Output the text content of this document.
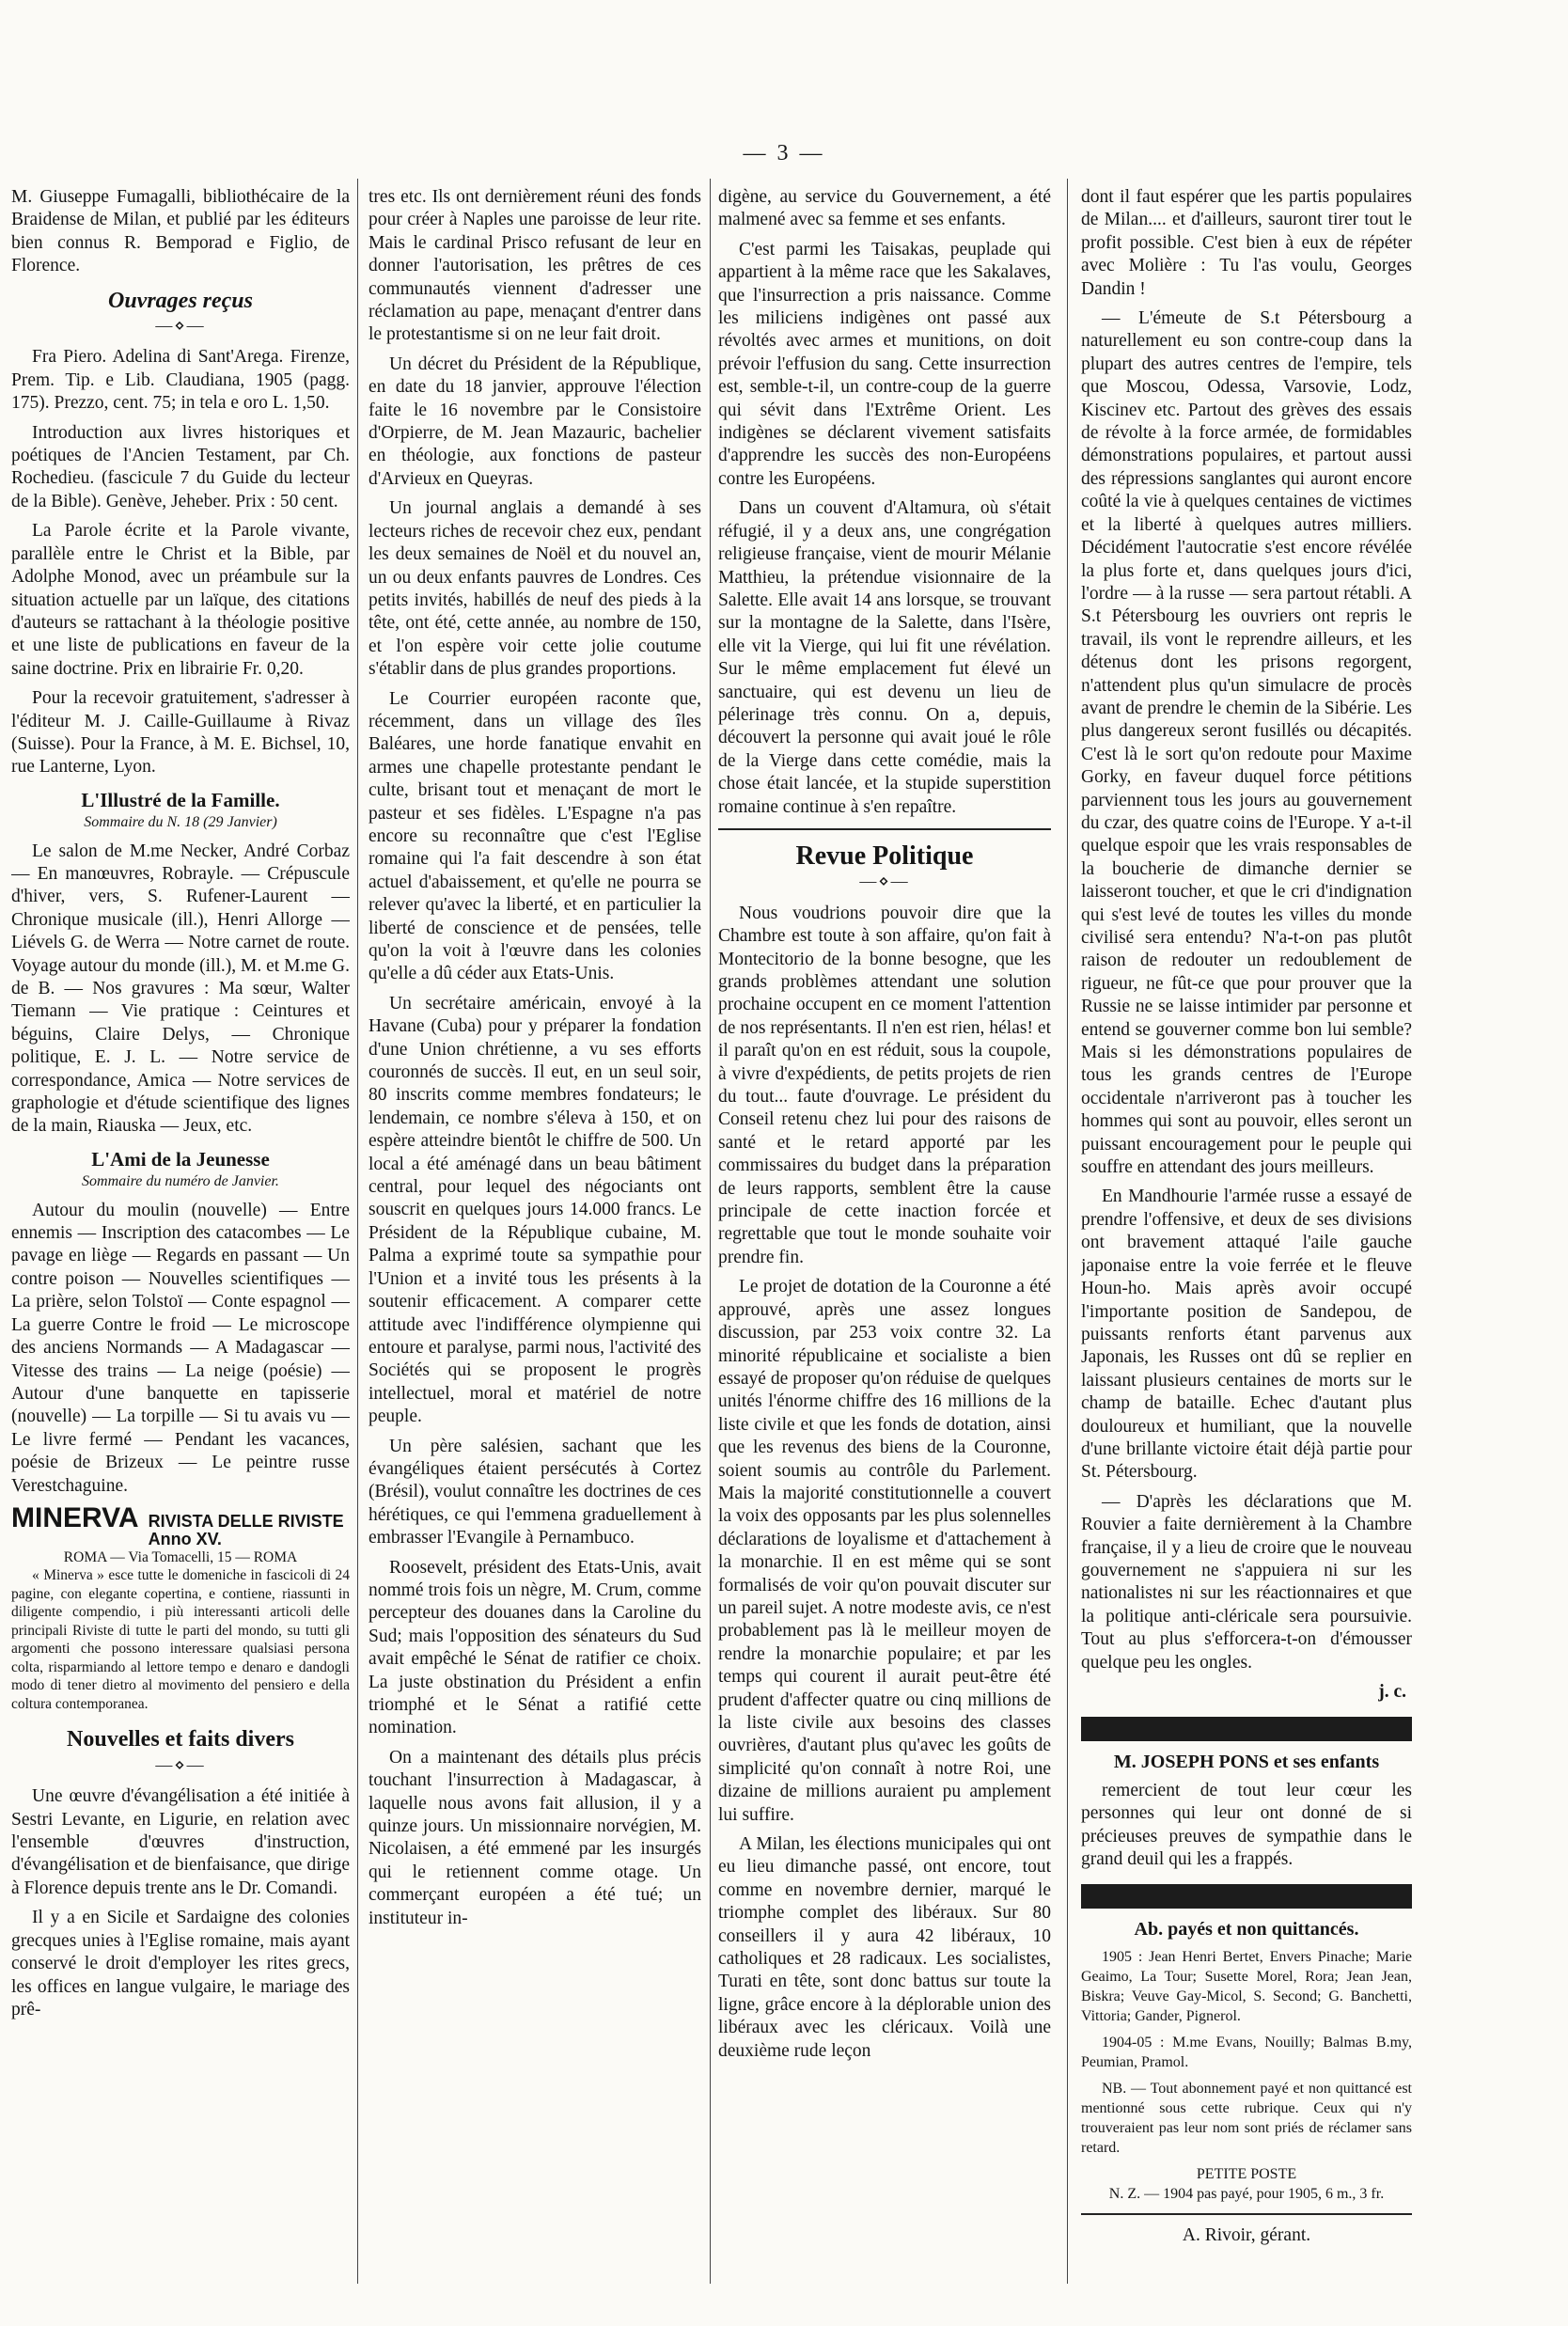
— 3 —

M. Giuseppe Fumagalli, bibliothécaire de la Braidense de Milan, et publié par les éditeurs bien connus R. Bemporad e Figlio, de Florence.

Ouvrages reçus
—⋄—

Fra Piero. Adelina di Sant'Arega. Firenze, Prem. Tip. e Lib. Claudiana, 1905 (pagg. 175). Prezzo, cent. 75; in tela e oro L. 1,50.

Introduction aux livres historiques et poétiques de l'Ancien Testament, par Ch. Rochedieu. (fascicule 7 du Guide du lecteur de la Bible). Genève, Jeheber. Prix : 50 cent.

La Parole écrite et la Parole vivante, parallèle entre le Christ et la Bible, par Adolphe Monod, avec un préambule sur la situation actuelle par un laïque, des citations d'auteurs se rattachant à la théologie positive et une liste de publications en faveur de la saine doctrine. Prix en librairie Fr. 0,20.

Pour la recevoir gratuitement, s'adresser à l'éditeur M. J. Caille-Guillaume à Rivaz (Suisse). Pour la France, à M. E. Bichsel, 10, rue Lanterne, Lyon.

L'Illustré de la Famille.
Sommaire du N. 18 (29 Janvier)

Le salon de M.me Necker, André Corbaz — En manœuvres, Robrayle. — Crépuscule d'hiver, vers, S. Rufener-Laurent — Chronique musicale (ill.), Henri Allorge — Liévels G. de Werra — Notre carnet de route. Voyage autour du monde (ill.), M. et M.me G. de B. — Nos gravures : Ma sœur, Walter Tiemann — Vie pratique : Ceintures et béguins, Claire Delys, — Chronique politique, E. J. L. — Notre service de correspondance, Amica — Notre services de graphologie et d'étude scientifique des lignes de la main, Riauska — Jeux, etc.

L'Ami de la Jeunesse
Sommaire du numéro de Janvier.

Autour du moulin (nouvelle) — Entre ennemis — Inscription des catacombes — Le pavage en liège — Regards en passant — Un contre poison — Nouvelles scientifiques — La prière, selon Tolstoï — Conte espagnol — La guerre Contre le froid — Le microscope des anciens Normands — A Madagascar — Vitesse des trains — La neige (poésie) — Autour d'une banquette en tapisserie (nouvelle) — La torpille — Si tu avais vu — Le livre fermé — Pendant les vacances, poésie de Brizeux — Le peintre russe Verestchaguine.

MINERVA RIVISTA DELLE RIVISTE
Anno XV.
ROMA — Via Tomacelli, 15 — ROMA

« Minerva » esce tutte le domeniche in fascicoli di 24 pagine, con elegante copertina, e contiene, riassunti in diligente compendio, i più interessanti articoli delle principali Riviste di tutte le parti del mondo, su tutti gli argomenti che possono interessare qualsiasi persona colta, risparmiando al lettore tempo e denaro e dandogli modo di tener dietro al movimento del pensiero e della coltura contemporanea.

Nouvelles et faits divers
—⋄—

Une œuvre d'évangélisation a été initiée à Sestri Levante, en Ligurie, en relation avec l'ensemble d'œuvres d'instruction, d'évangélisation et de bienfaisance, que dirige à Florence depuis trente ans le Dr. Comandi.

Il y a en Sicile et Sardaigne des colonies grecques unies à l'Eglise romaine, mais ayant conservé le droit d'employer les rites grecs, les offices en langue vulgaire, le mariage des prê-

tres etc. Ils ont dernièrement réuni des fonds pour créer à Naples une paroisse de leur rite. Mais le cardinal Prisco refusant de leur en donner l'autorisation, les prêtres de ces communautés viennent d'adresser une réclamation au pape, menaçant d'entrer dans le protestantisme si on ne leur fait droit.

Un décret du Président de la République, en date du 18 janvier, approuve l'élection faite le 16 novembre par le Consistoire d'Orpierre, de M. Jean Mazauric, bachelier en théologie, aux fonctions de pasteur d'Arvieux en Queyras.

Un journal anglais a demandé à ses lecteurs riches de recevoir chez eux, pendant les deux semaines de Noël et du nouvel an, un ou deux enfants pauvres de Londres. Ces petits invités, habillés de neuf des pieds à la tête, ont été, cette année, au nombre de 150, et l'on espère voir cette jolie coutume s'établir dans de plus grandes proportions.

Le Courrier européen raconte que, récemment, dans un village des îles Baléares, une horde fanatique envahit en armes une chapelle protestante pendant le culte, brisant tout et menaçant de mort le pasteur et ses fidèles. L'Espagne n'a pas encore su reconnaître que c'est l'Eglise romaine qui l'a fait descendre à son état actuel d'abaissement, et qu'elle ne pourra se relever qu'avec la liberté, et en particulier la liberté de conscience et de pensées, telle qu'on la voit à l'œuvre dans les colonies qu'elle a dû céder aux Etats-Unis.

Un secrétaire américain, envoyé à la Havane (Cuba) pour y préparer la fondation d'une Union chrétienne, a vu ses efforts couronnés de succès. Il eut, en un seul soir, 80 inscrits comme membres fondateurs; le lendemain, ce nombre s'éleva à 150, et on espère atteindre bientôt le chiffre de 500. Un local a été aménagé dans un beau bâtiment central, pour lequel des négociants ont souscrit en quelques jours 14.000 francs. Le Président de la République cubaine, M. Palma a exprimé toute sa sympathie pour l'Union et a invité tous les présents à la soutenir efficacement. A comparer cette attitude avec l'indifférence olympienne qui entoure et paralyse, parmi nous, l'activité des Sociétés qui se proposent le progrès intellectuel, moral et matériel de notre peuple.

Un père salésien, sachant que les évangéliques étaient persécutés à Cortez (Brésil), voulut connaître les doctrines de ces hérétiques, ce qui l'emmena graduellement à embrasser l'Evangile à Pernambuco.

Roosevelt, président des Etats-Unis, avait nommé trois fois un nègre, M. Crum, comme percepteur des douanes dans la Caroline du Sud; mais l'opposition des sénateurs du Sud avait empêché le Sénat de ratifier ce choix. La juste obstination du Président a enfin triomphé et le Sénat a ratifié cette nomination.

On a maintenant des détails plus précis touchant l'insurrection à Madagascar, à laquelle nous avons fait allusion, il y a quinze jours. Un missionnaire norvégien, M. Nicolaisen, a été emmené par les insurgés qui le retiennent comme otage. Un commerçant européen a été tué; un instituteur in-

digène, au service du Gouvernement, a été malmené avec sa femme et ses enfants.

C'est parmi les Taisakas, peuplade qui appartient à la même race que les Sakalaves, que l'insurrection a pris naissance. Comme les miliciens indigènes ont passé aux révoltés avec armes et munitions, on doit prévoir l'effusion du sang. Cette insurrection est, semble-t-il, un contre-coup de la guerre qui sévit dans l'Extrême Orient. Les indigènes se déclarent vivement satisfaits d'apprendre les succès des non-Européens contre les Européens.

Dans un couvent d'Altamura, où s'était réfugié, il y a deux ans, une congrégation religieuse française, vient de mourir Mélanie Matthieu, la prétendue visionnaire de la Salette. Elle avait 14 ans lorsque, se trouvant sur la montagne de la Salette, dans l'Isère, elle vit la Vierge, qui lui fit une révélation. Sur le même emplacement fut élevé un sanctuaire, qui est devenu un lieu de pélerinage très connu. On a, depuis, découvert la personne qui avait joué le rôle de la Vierge dans cette comédie, mais la chose était lancée, et la stupide superstition romaine continue à s'en repaître.

Revue Politique
—⋄—

Nous voudrions pouvoir dire que la Chambre est toute à son affaire, qu'on fait à Montecitorio de la bonne besogne, que les grands problèmes attendant une solution prochaine occupent en ce moment l'attention de nos représentants. Il n'en est rien, hélas! et il paraît qu'on en est réduit, sous la coupole, à vivre d'expédients, de petits projets de rien du tout... faute d'ouvrage. Le président du Conseil retenu chez lui pour des raisons de santé et le retard apporté par les commissaires du budget dans la préparation de leurs rapports, semblent être la cause principale de cette inaction forcée et regrettable que tout le monde souhaite voir prendre fin.

Le projet de dotation de la Couronne a été approuvé, après une assez longues discussion, par 253 voix contre 32. La minorité républicaine et socialiste a bien essayé de proposer qu'on réduise de quelques unités l'énorme chiffre des 16 millions de la liste civile et que les fonds de dotation, ainsi que les revenus des biens de la Couronne, soient soumis au contrôle du Parlement. Mais la majorité constitutionnelle a couvert la voix des opposants par les plus solennelles déclarations de loyalisme et d'attachement à la monarchie. Il en est même qui se sont formalisés de voir qu'on pouvait discuter sur un pareil sujet. A notre modeste avis, ce n'est probablement pas là le meilleur moyen de rendre la monarchie populaire; et par les temps qui courent il aurait peut-être été prudent d'affecter quatre ou cinq millions de la liste civile aux besoins des classes ouvrières, d'autant plus qu'avec les goûts de simplicité qu'on connaît à notre Roi, une dizaine de millions auraient pu amplement lui suffire.

A Milan, les élections municipales qui ont eu lieu dimanche passé, ont encore, tout comme en novembre dernier, marqué le triomphe complet des libéraux. Sur 80 conseillers il y aura 42 libéraux, 10 catholiques et 28 radicaux. Les socialistes, Turati en tête, sont donc battus sur toute la ligne, grâce encore à la déplorable union des libéraux avec les cléricaux. Voilà une deuxième rude leçon

dont il faut espérer que les partis populaires de Milan.... et d'ailleurs, sauront tirer tout le profit possible. C'est bien à eux de répéter avec Molière : Tu l'as voulu, Georges Dandin !

— L'émeute de S.t Pétersbourg a naturellement eu son contre-coup dans la plupart des autres centres de l'empire, tels que Moscou, Odessa, Varsovie, Lodz, Kiscinev etc. Partout des grèves des essais de révolte à la force armée, de formidables démonstrations populaires, et partout aussi des répressions sanglantes qui auront encore coûté la vie à quelques centaines de victimes et la liberté à quelques autres milliers. Décidément l'autocratie s'est encore révélée la plus forte et, dans quelques jours d'ici, l'ordre — à la russe — sera partout rétabli. A S.t Pétersbourg les ouvriers ont repris le travail, ils vont le reprendre ailleurs, et les détenus dont les prisons regorgent, n'attendent plus qu'un simulacre de procès avant de prendre le chemin de la Sibérie. Les plus dangereux seront fusillés ou décapités. C'est là le sort qu'on redoute pour Maxime Gorky, en faveur duquel force pétitions parviennent tous les jours au gouvernement du czar, des quatre coins de l'Europe. Y a-t-il quelque espoir que les vrais responsables de la boucherie de dimanche dernier se laisseront toucher, et que le cri d'indignation qui s'est levé de toutes les villes du monde civilisé sera entendu? N'a-t-on pas plutôt raison de redouter un redoublement de rigueur, ne fût-ce que pour prouver que la Russie ne se laisse intimider par personne et entend se gouverner comme bon lui semble? Mais si les démonstrations populaires de tous les grands centres de l'Europe occidentale n'arriveront pas à toucher les hommes qui sont au pouvoir, elles seront un puissant encouragement pour le peuple qui souffre en attendant des jours meilleurs.

En Mandhourie l'armée russe a essayé de prendre l'offensive, et deux de ses divisions ont bravement attaqué l'aile gauche japonaise entre la voie ferrée et le fleuve Houn-ho. Mais après avoir occupé l'importante position de Sandepou, de puissants renforts étant parvenus aux Japonais, les Russes ont dû se replier en laissant plusieurs centaines de morts sur le champ de bataille. Echec d'autant plus douloureux et humiliant, que la nouvelle d'une brillante victoire était déjà partie pour St. Pétersbourg.

— D'après les déclarations que M. Rouvier a faite dernièrement à la Chambre française, il y a lieu de croire que le nouveau gouvernement ne s'appuiera ni sur les nationalistes ni sur les réactionnaires et que la politique anti-cléricale sera poursuivie. Tout au plus s'efforcera-t-on d'émousser quelque peu les ongles.

j. c.
M. JOSEPH PONS et ses enfants

remercient de tout leur cœur les personnes qui leur ont donné de si précieuses preuves de sympathie dans le grand deuil qui les a frappés.

Ab. payés et non quittancés.

1905 : Jean Henri Bertet, Envers Pinache; Marie Geaimo, La Tour; Susette Morel, Rora; Jean Jean, Biskra; Veuve Gay-Micol, S. Second; G. Banchetti, Vittoria; Gander, Pignerol.

1904-05 : M.me Evans, Nouilly; Balmas B.my, Peumian, Pramol.

NB. — Tout abonnement payé et non quittancé est mentionné sous cette rubrique. Ceux qui n'y trouveraient pas leur nom sont priés de réclamer sans retard.

PETITE POSTE
N. Z. — 1904 pas payé, pour 1905, 6 m., 3 fr.
A. Rivoir, gérant.
